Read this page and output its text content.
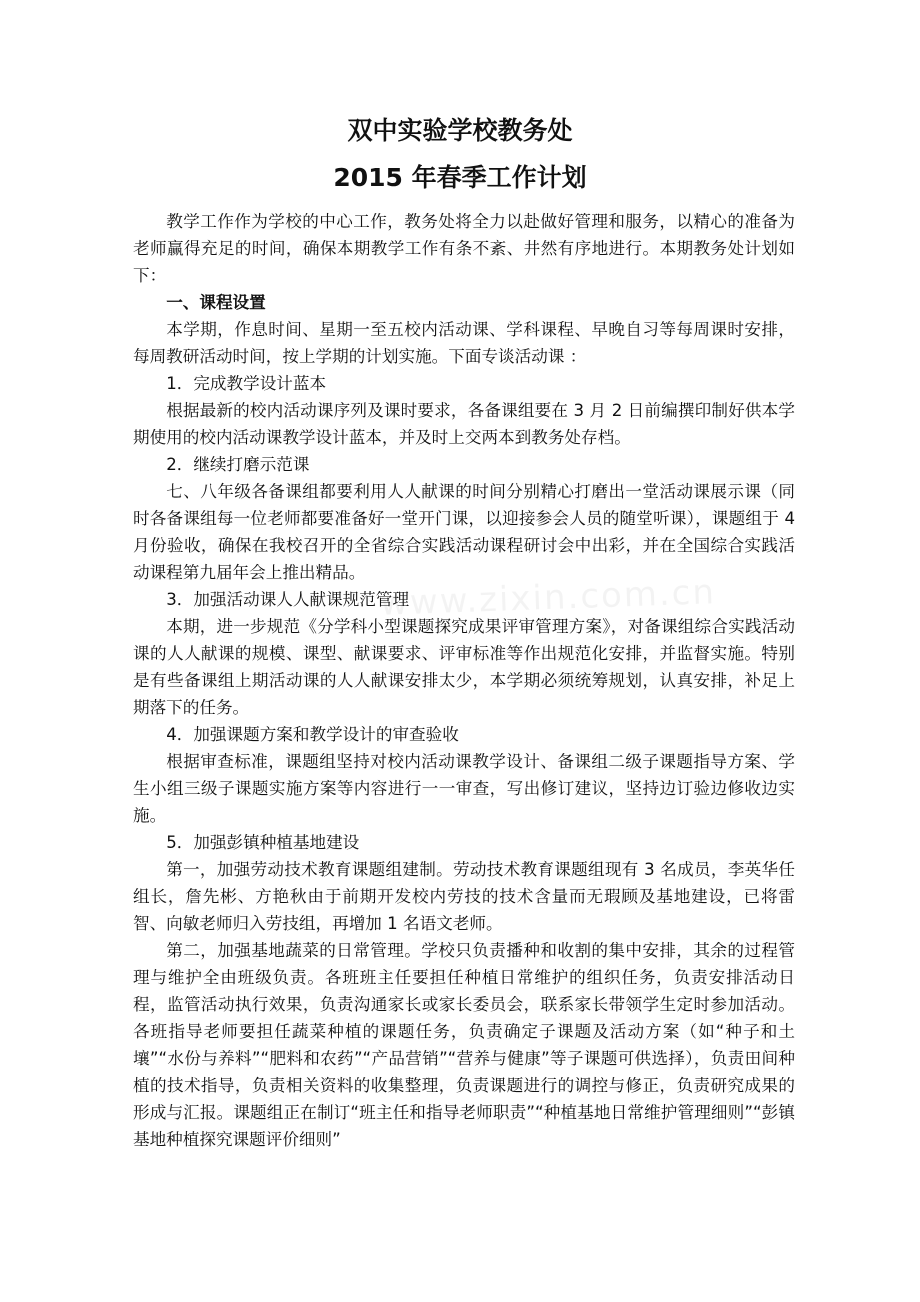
双中实验学校教务处
2015 年春季工作计划

教学工作作为学校的中心工作，教务处将全力以赴做好管理和服务，以精心的准备为老师赢得充足的时间，确保本期教学工作有条不紊、井然有序地进行。本期教务处计划如下：

一、课程设置

本学期，作息时间、星期一至五校内活动课、学科课程、早晚自习等每周课时安排，每周教研活动时间，按上学期的计划实施。下面专谈活动课 ：

1．完成教学设计蓝本

根据最新的校内活动课序列及课时要求，各备课组要在 3 月 2 日前编撰印制好供本学期使用的校内活动课教学设计蓝本，并及时上交两本到教务处存档。

2．继续打磨示范课

七、八年级各备课组都要利用人人献课的时间分别精心打磨出一堂活动课展示课（同时各备课组每一位老师都要准备好一堂开门课，以迎接参会人员的随堂听课），课题组于 4 月份验收，确保在我校召开的全省综合实践活动课程研讨会中出彩，并在全国综合实践活动课程第九届年会上推出精品。

3．加强活动课人人献课规范管理

本期，进一步规范《分学科小型课题探究成果评审管理方案》，对备课组综合实践活动课的人人献课的规模、课型、献课要求、评审标准等作出规范化安排，并监督实施。特别是有些备课组上期活动课的人人献课安排太少，本学期必须统筹规划，认真安排，补足上期落下的任务。

4．加强课题方案和教学设计的审查验收

根据审查标准，课题组坚持对校内活动课教学设计、备课组二级子课题指导方案、学生小组三级子课题实施方案等内容进行一一审查，写出修订建议，坚持边订验边修收边实施。

5．加强彭镇种植基地建设

第一，加强劳动技术教育课题组建制。劳动技术教育课题组现有 3 名成员，李英华任组长，詹先彬、方艳秋由于前期开发校内劳技的技术含量而无瑕顾及基地建设，已将雷智、向敏老师归入劳技组，再增加 1 名语文老师。

第二，加强基地蔬菜的日常管理。学校只负责播种和收割的集中安排，其余的过程管理与维护全由班级负责。各班班主任要担任种植日常维护的组织任务，负责安排活动日程，监管活动执行效果，负责沟通家长或家长委员会，联系家长带领学生定时参加活动。各班指导老师要担任蔬菜种植的课题任务，负责确定子课题及活动方案（如“种子和土壤”“水份与养料”“肥料和农药”“产品营销”“营养与健康”等子课题可供选择），负责田间种植的技术指导，负责相关资料的收集整理，负责课题进行的调控与修正，负责研究成果的形成与汇报。课题组正在制订“班主任和指导老师职责”“种植基地日常维护管理细则”“彭镇基地种植探究课题评价细则”
